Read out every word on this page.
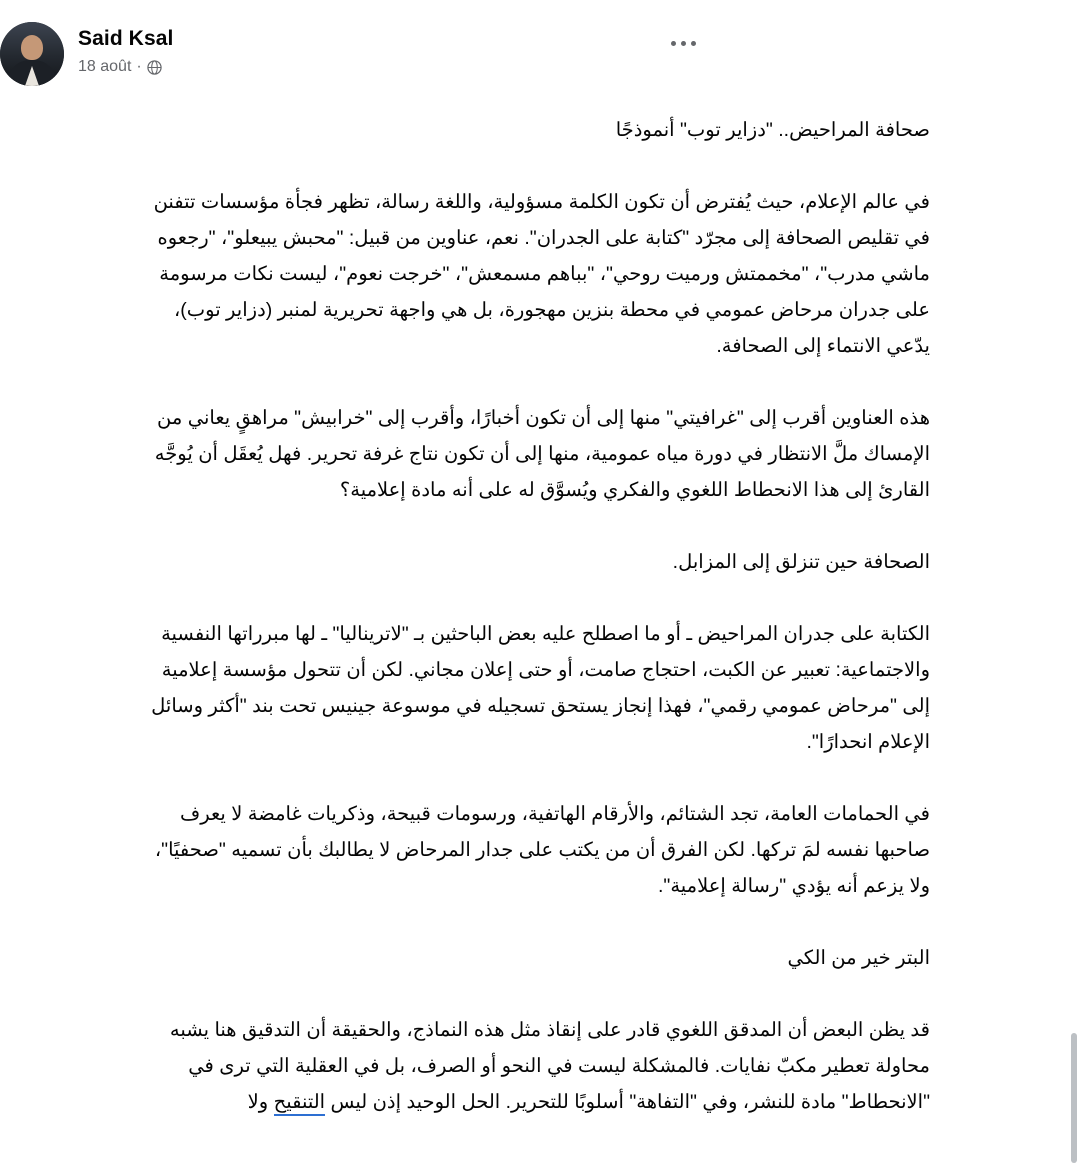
Said Ksal
18 août ·

صحافة المراحيض.. "دزاير توب" أنموذجًا

في عالم الإعلام، حيث يُفترض أن تكون الكلمة مسؤولية، واللغة رسالة، تظهر فجأة مؤسسات تتفنن في تقليص الصحافة إلى مجرّد "كتابة على الجدران". نعم، عناوين من قبيل: "محبش يبيعلو"، "رجعوه ماشي مدرب"، "مخممتش ورميت روحي"، "بباهم مسمعش"، "خرجت نعوم"، ليست نكات مرسومة على جدران مرحاض عمومي في محطة بنزين مهجورة، بل هي واجهة تحريرية لمنبر (دزاير توب)، يدّعي الانتماء إلى الصحافة.

هذه العناوين أقرب إلى "غرافيتي" منها إلى أن تكون أخبارًا، وأقرب إلى "خرابيش" مراهقٍ يعاني من الإمساك ملَّ الانتظار في دورة مياه عمومية، منها إلى أن تكون نتاج غرفة تحرير. فهل يُعقَل أن يُوجَّه القارئ إلى هذا الانحطاط اللغوي والفكري ويُسوَّق له على أنه مادة إعلامية؟

الصحافة حين تنزلق إلى المزابل.

الكتابة على جدران المراحيض ـ أو ما اصطلح عليه بعض الباحثين بـ "لاتريناليا" ـ لها مبرراتها النفسية والاجتماعية: تعبير عن الكبت، احتجاج صامت، أو حتى إعلان مجاني. لكن أن تتحول مؤسسة إعلامية إلى "مرحاض عمومي رقمي"، فهذا إنجاز يستحق تسجيله في موسوعة جينيس تحت بند "أكثر وسائل الإعلام انحدارًا".

في الحمامات العامة، تجد الشتائم، والأرقام الهاتفية، ورسومات قبيحة، وذكريات غامضة لا يعرف صاحبها نفسه لمَ تركها. لكن الفرق أن من يكتب على جدار المرحاض لا يطالبك بأن تسميه "صحفيًا"، ولا يزعم أنه يؤدي "رسالة إعلامية".

البتر خير من الكي

قد يظن البعض أن المدقق اللغوي قادر على إنقاذ مثل هذه النماذج، والحقيقة أن التدقيق هنا يشبه محاولة تعطير مكبّ نفايات. فالمشكلة ليست في النحو أو الصرف، بل في العقلية التي ترى في "الانحطاط" مادة للنشر، وفي "التفاهة" أسلوبًا للتحرير. الحل الوحيد إذن ليس التنقيح ولا
